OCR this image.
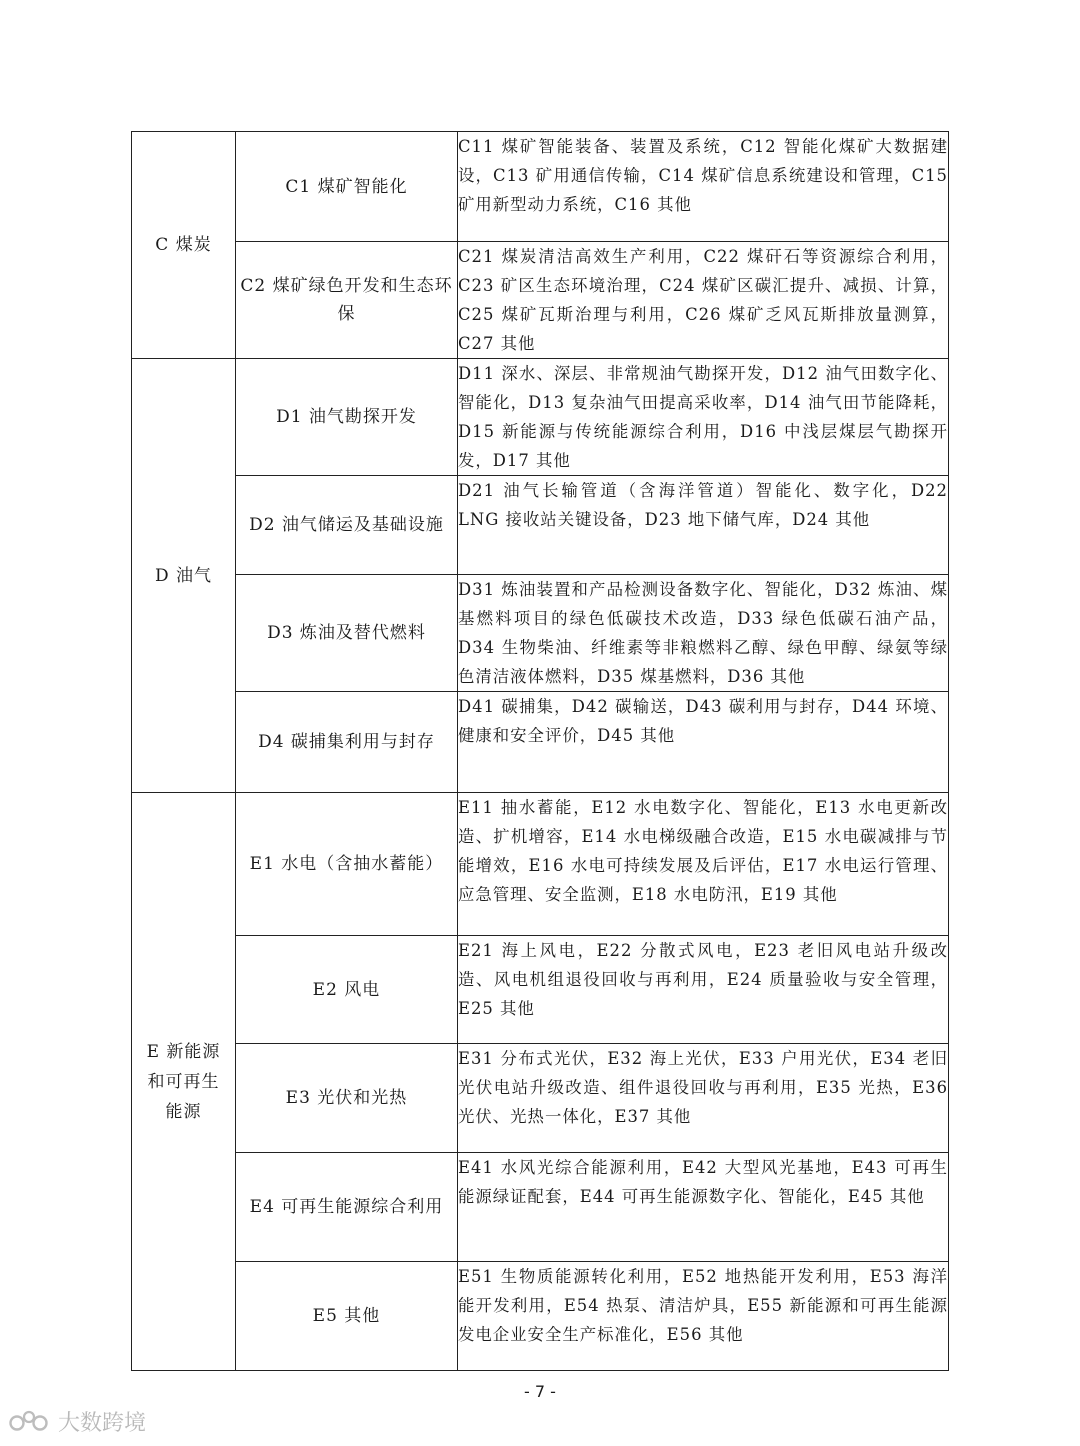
C 煤炭	C1 煤矿智能化	C11 煤矿智能装备、装置及系统，C12 智能化煤矿大数据建设，C13 矿用通信传输，C14 煤矿信息系统建设和管理，C15 矿用新型动力系统，C16 其他
	C2 煤矿绿色开发和生态环保	C21 煤炭清洁高效生产利用，C22 煤矸石等资源综合利用，C23 矿区生态环境治理，C24 煤矿区碳汇提升、减损、计算，C25 煤矿瓦斯治理与利用，C26 煤矿乏风瓦斯排放量测算，C27 其他
D 油气	D1 油气勘探开发	D11 深水、深层、非常规油气勘探开发，D12 油气田数字化、智能化，D13 复杂油气田提高采收率，D14 油气田节能降耗，D15 新能源与传统能源综合利用，D16 中浅层煤层气勘探开发，D17 其他
	D2 油气储运及基础设施	D21 油气长输管道（含海洋管道）智能化、数字化，D22 LNG 接收站关键设备，D23 地下储气库，D24 其他
	D3 炼油及替代燃料	D31 炼油装置和产品检测设备数字化、智能化，D32 炼油、煤基燃料项目的绿色低碳技术改造，D33 绿色低碳石油产品，D34 生物柴油、纤维素等非粮燃料乙醇、绿色甲醇、绿氨等绿色清洁液体燃料，D35 煤基燃料，D36 其他
	D4 碳捕集利用与封存	D41 碳捕集，D42 碳输送，D43 碳利用与封存，D44 环境、健康和安全评价，D45 其他
E 新能源和可再生能源	E1 水电（含抽水蓄能）	E11 抽水蓄能，E12 水电数字化、智能化，E13 水电更新改造、扩机增容，E14 水电梯级融合改造，E15 水电碳减排与节能增效，E16 水电可持续发展及后评估，E17 水电运行管理、应急管理、安全监测，E18 水电防汛，E19 其他
	E2 风电	E21 海上风电，E22 分散式风电，E23 老旧风电站升级改造、风电机组退役回收与再利用，E24 质量验收与安全管理，E25 其他
	E3 光伏和光热	E31 分布式光伏，E32 海上光伏，E33 户用光伏，E34 老旧光伏电站升级改造、组件退役回收与再利用，E35 光热，E36 光伏、光热一体化，E37 其他
	E4 可再生能源综合利用	E41 水风光综合能源利用，E42 大型风光基地，E43 可再生能源绿证配套，E44 可再生能源数字化、智能化，E45 其他
	E5 其他	E51 生物质能源转化利用，E52 地热能开发利用，E53 海洋能开发利用，E54 热泵、清洁炉具，E55 新能源和可再生能源发电企业安全生产标准化，E56 其他
- 7 -
大数跨境
